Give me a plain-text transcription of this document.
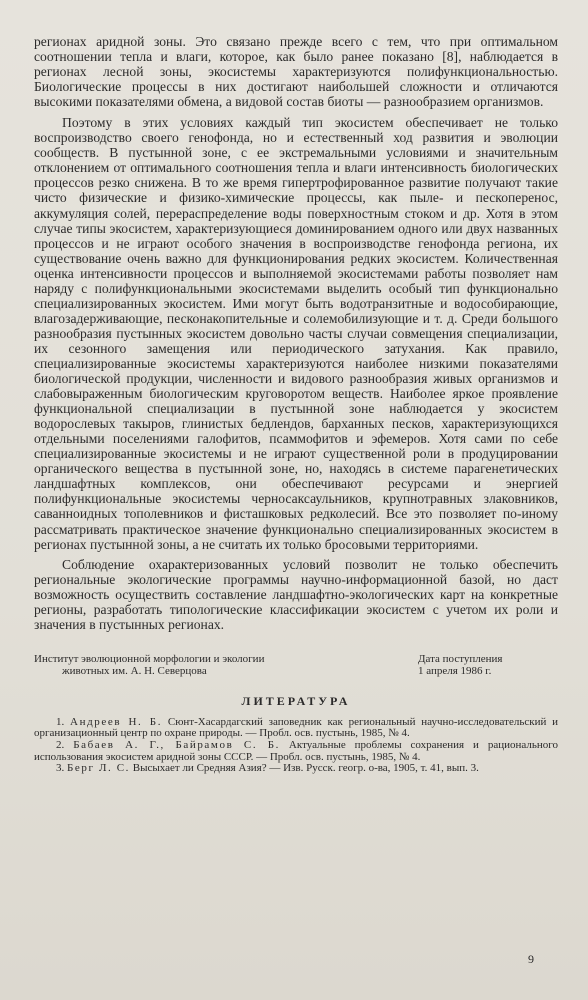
регионах аридной зоны. Это связано прежде всего с тем, что при оптимальном соотношении тепла и влаги, которое, как было ранее показано [8], наблюдается в регионах лесной зоны, экосистемы характеризуются полифункциональностью. Биологические процессы в них достигают наибольшей сложности и отличаются высокими показателями обмена, а видовой состав биоты — разнообразием организмов.

Поэтому в этих условиях каждый тип экосистем обеспечивает не только воспроизводство своего генофонда, но и естественный ход развития и эволюции сообществ. В пустынной зоне, с ее экстремальными условиями и значительным отклонением от оптимального соотношения тепла и влаги интенсивность биологических процессов резко снижена. В то же время гипертрофированное развитие получают такие чисто физические и физико-химические процессы, как пыле- и пескоперенос, аккумуляция солей, перераспределение воды поверхностным стоком и др. Хотя в этом случае типы экосистем, характеризующиеся доминированием одного или двух названных процессов и не играют особого значения в воспроизводстве генофонда региона, их существование очень важно для функционирования редких экосистем. Количественная оценка интенсивности процессов и выполняемой экосистемами работы позволяет нам наряду с полифункциональными экосистемами выделить особый тип функционально специализированных экосистем. Ими могут быть водотранзитные и водособирающие, влагозадерживающие, песконакопительные и солемобилизующие и т. д. Среди большого разнообразия пустынных экосистем довольно часты случаи совмещения специализации, их сезонного замещения или периодического затухания. Как правило, специализированные экосистемы характеризуются наиболее низкими показателями биологической продукции, численности и видового разнообразия живых организмов и слабовыраженным биологическим круговоротом веществ. Наиболее яркое проявление функциональной специализации в пустынной зоне наблюдается у экосистем водорослевых такыров, глинистых бедлендов, барханных песков, характеризующихся отдельными поселениями галофитов, псаммофитов и эфемеров. Хотя сами по себе специализированные экосистемы и не играют существенной роли в продуцировании органического вещества в пустынной зоне, но, находясь в системе парагенетических ландшафтных комплексов, они обеспечивают ресурсами и энергией полифункциональные экосистемы черносаксаульников, крупнотравных злаковников, саванноидных тополевников и фисташковых редколесий. Все это позволяет по-иному рассматривать практическое значение функционально специализированных экосистем в регионах пустынной зоны, а не считать их только бросовыми территориями.

Соблюдение охарактеризованных условий позволит не только обеспечить региональные экологические программы научно-информационной базой, но даст возможность осуществить составление ландшафтно-экологических карт на конкретные регионы, разработать типологические классификации экосистем с учетом их роли и значения в пустынных регионах.

Институт эволюционной морфологии и экологии
животных им. А. Н. Северцова
Дата поступления
1 апреля 1986 г.
ЛИТЕРАТУРА

1. Андреев Н. Б. Сюнт-Хасардагский заповедник как региональный научно-исследовательский и организационный центр по охране природы. — Пробл. осв. пустынь, 1985, № 4.

2. Бабаев А. Г., Байрамов С. Б. Актуальные проблемы сохранения и рационального использования экосистем аридной зоны СССР. — Пробл. осв. пустынь, 1985, № 4.

3. Берг Л. С. Высыхает ли Средняя Азия? — Изв. Русск. геогр. о-ва, 1905, т. 41, вып. 3.

9
